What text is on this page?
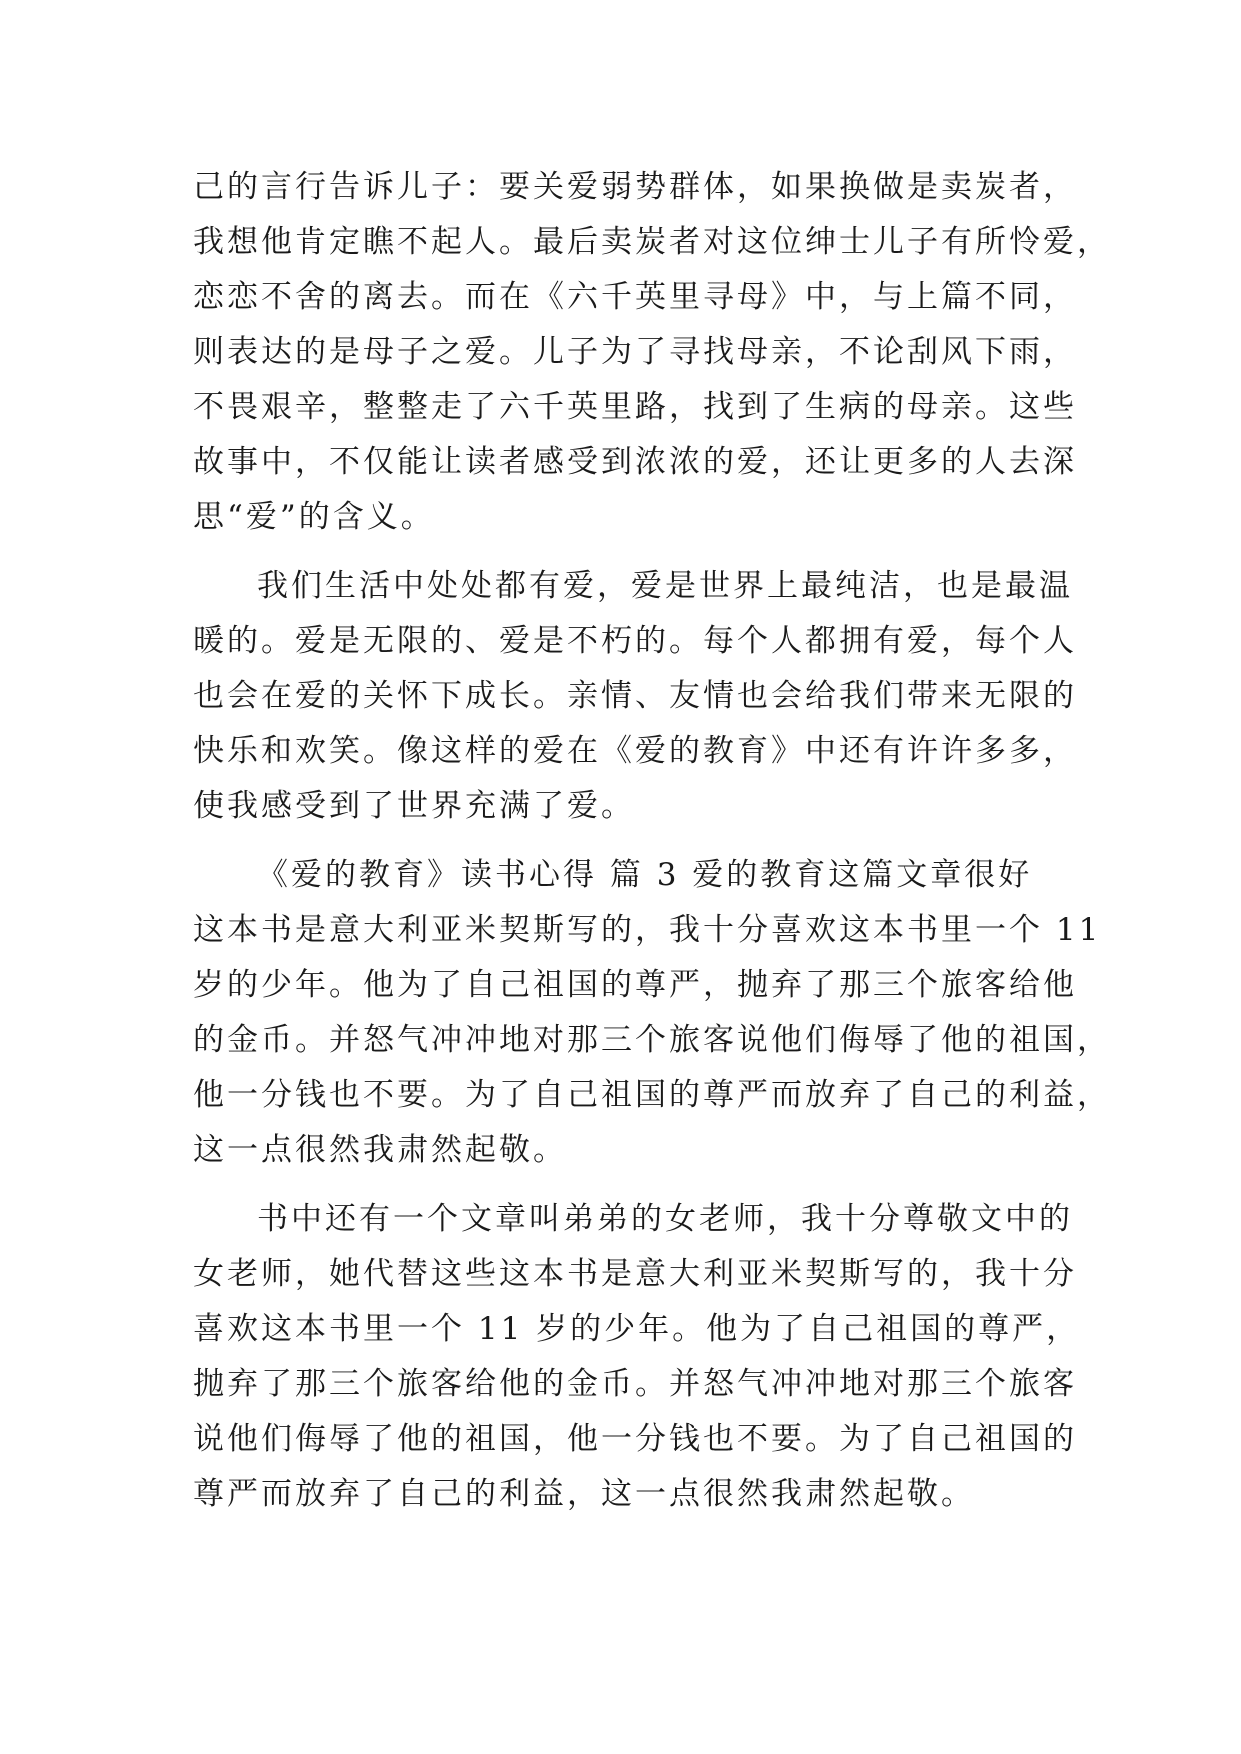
己的言行告诉儿子：要关爱弱势群体，如果换做是卖炭者，
我想他肯定瞧不起人。最后卖炭者对这位绅士儿子有所怜爱，
恋恋不舍的离去。而在《六千英里寻母》中，与上篇不同，
则表达的是母子之爱。儿子为了寻找母亲，不论刮风下雨，
不畏艰辛，整整走了六千英里路，找到了生病的母亲。这些
故事中，不仅能让读者感受到浓浓的爱，还让更多的人去深
思“爱”的含义。
我们生活中处处都有爱，爱是世界上最纯洁，也是最温
暖的。爱是无限的、爱是不朽的。每个人都拥有爱，每个人
也会在爱的关怀下成长。亲情、友情也会给我们带来无限的
快乐和欢笑。像这样的爱在《爱的教育》中还有许许多多，
使我感受到了世界充满了爱。
《爱的教育》读书心得 篇 3 爱的教育这篇文章很好
这本书是意大利亚米契斯写的，我十分喜欢这本书里一个 11
岁的少年。他为了自己祖国的尊严，抛弃了那三个旅客给他
的金币。并怒气冲冲地对那三个旅客说他们侮辱了他的祖国，
他一分钱也不要。为了自己祖国的尊严而放弃了自己的利益，
这一点很然我肃然起敬。
书中还有一个文章叫弟弟的女老师，我十分尊敬文中的
女老师，她代替这些这本书是意大利亚米契斯写的，我十分
喜欢这本书里一个 11 岁的少年。他为了自己祖国的尊严，
抛弃了那三个旅客给他的金币。并怒气冲冲地对那三个旅客
说他们侮辱了他的祖国，他一分钱也不要。为了自己祖国的
尊严而放弃了自己的利益，这一点很然我肃然起敬。
